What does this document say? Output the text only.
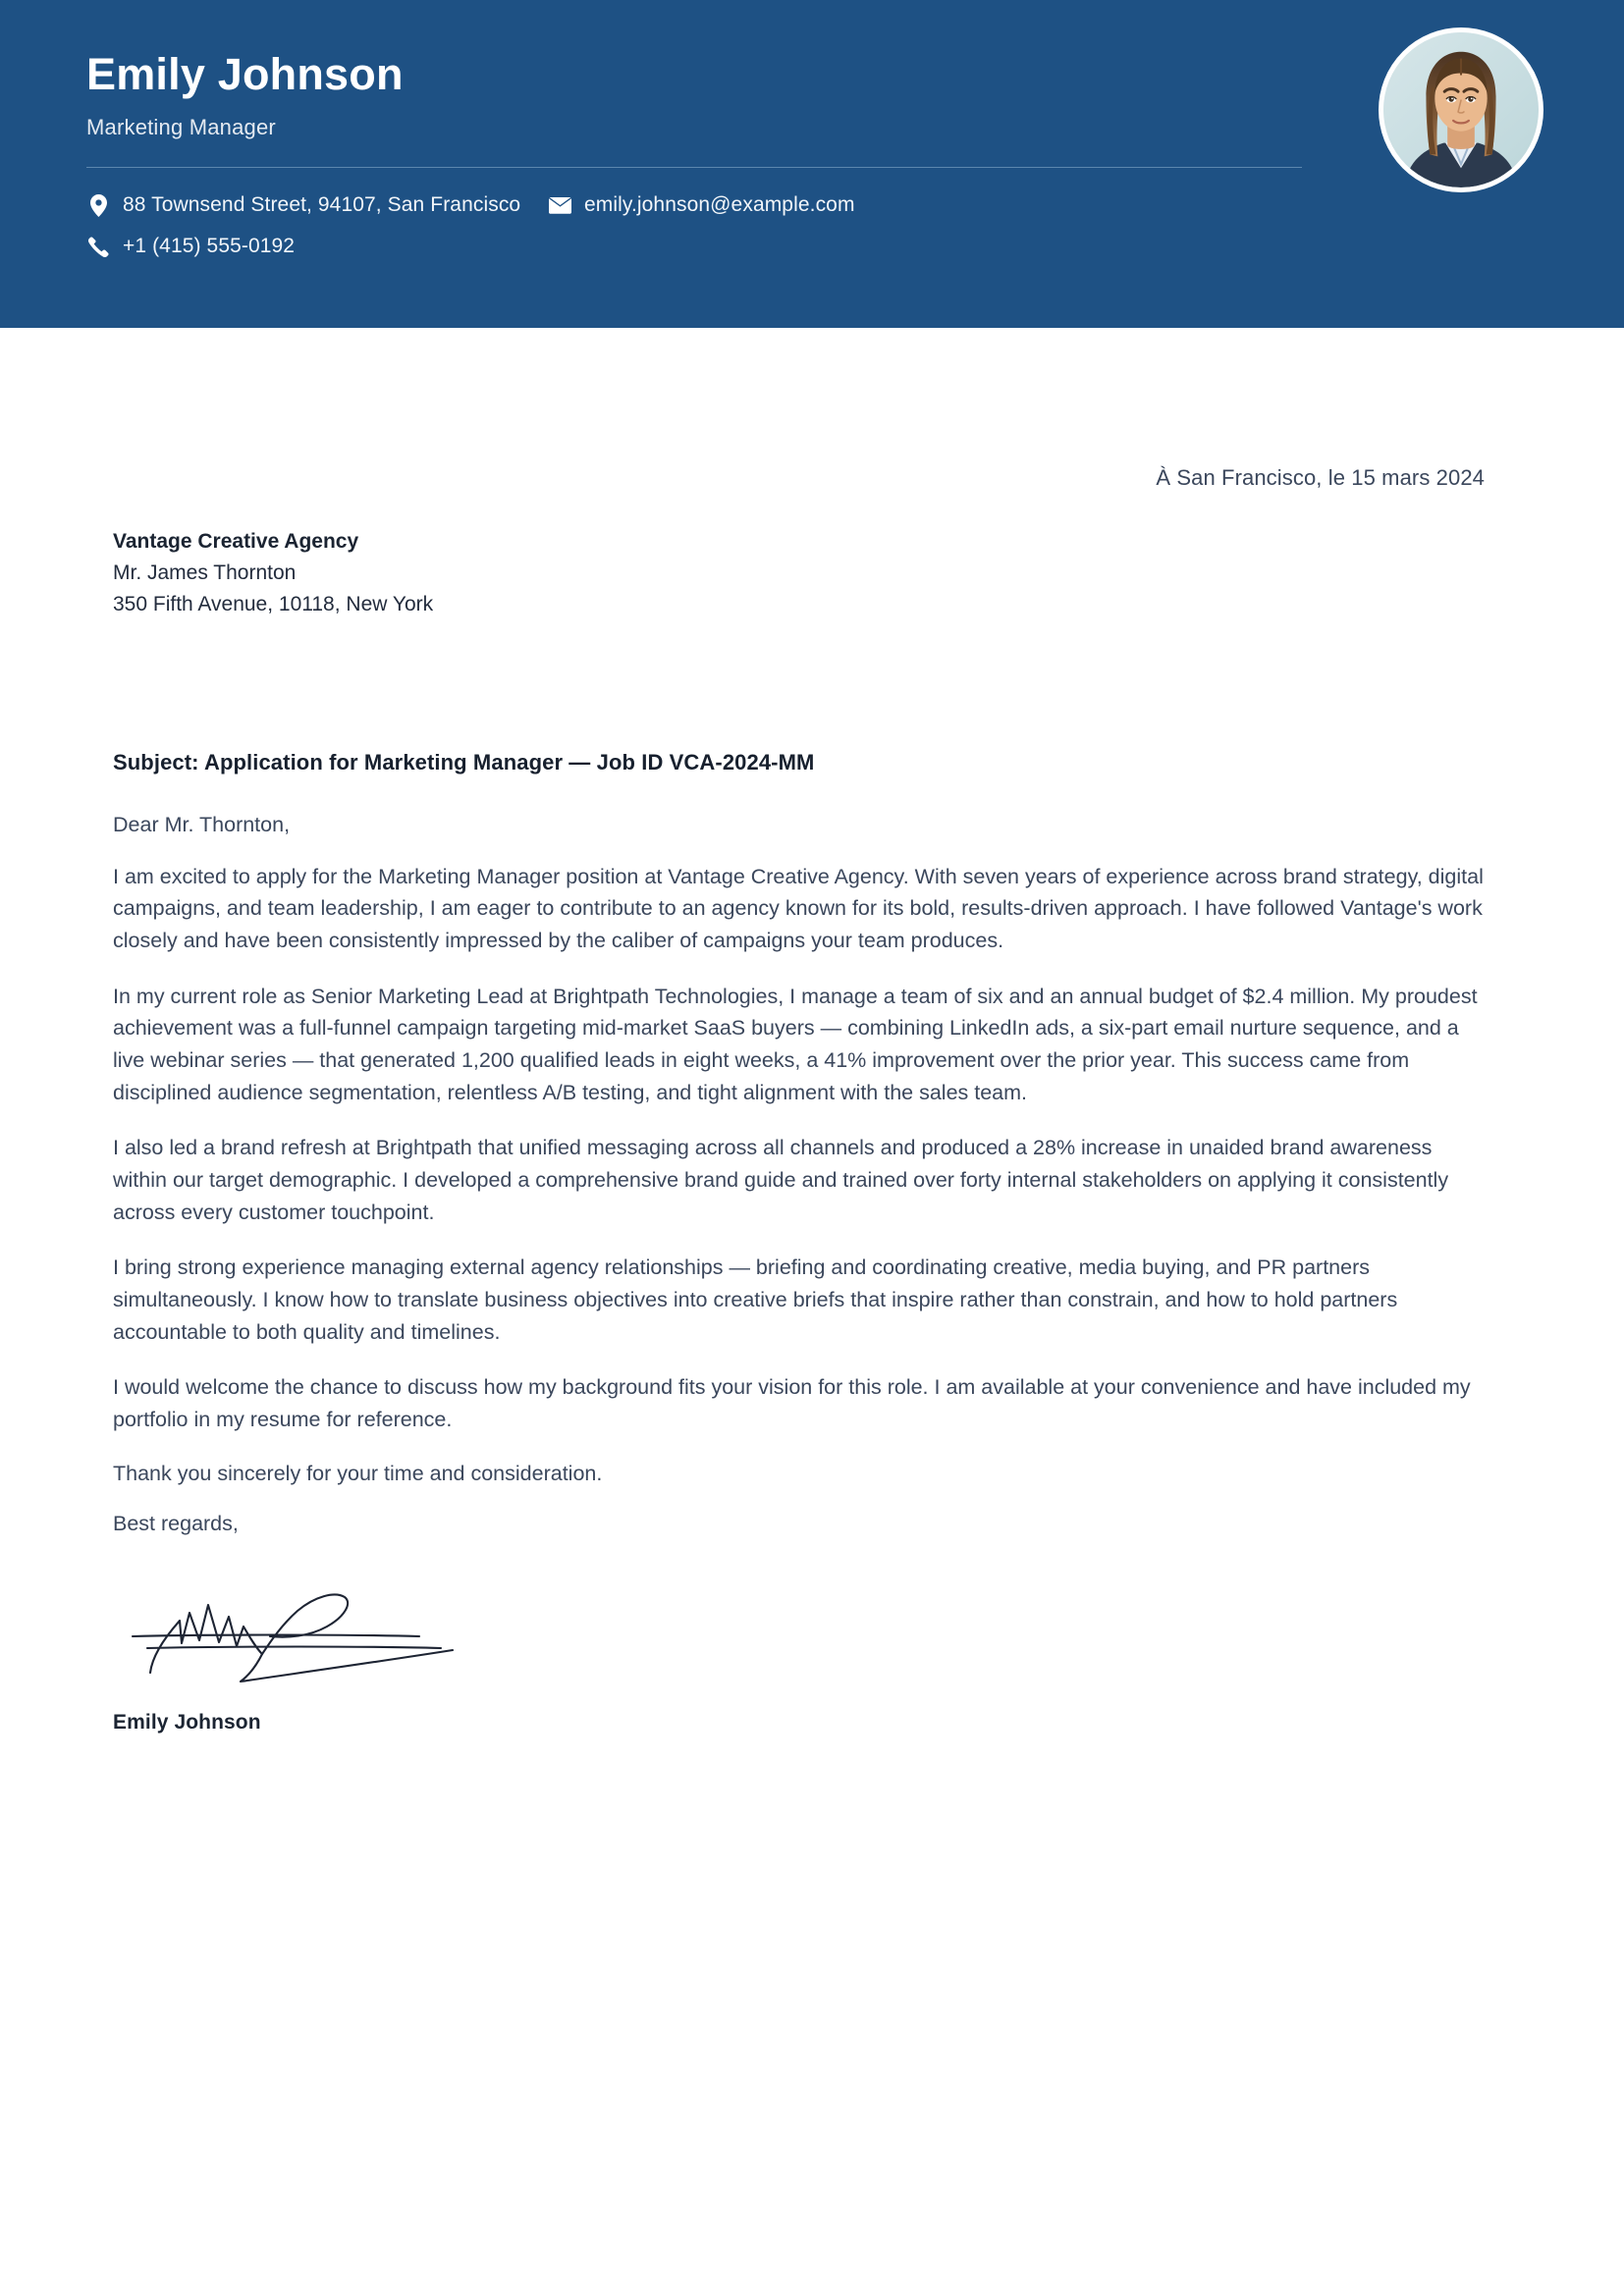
Emily Johnson
Marketing Manager
88 Townsend Street, 94107, San Francisco	emily.johnson@example.com
+1 (415) 555-0192
À San Francisco, le 15 mars 2024
Vantage Creative Agency
Mr. James Thornton
350 Fifth Avenue, 10118, New York
Subject: Application for Marketing Manager — Job ID VCA-2024-MM
Dear Mr. Thornton,
I am excited to apply for the Marketing Manager position at Vantage Creative Agency. With seven years of experience across brand strategy, digital campaigns, and team leadership, I am eager to contribute to an agency known for its bold, results-driven approach. I have followed Vantage's work closely and have been consistently impressed by the caliber of campaigns your team produces.
In my current role as Senior Marketing Lead at Brightpath Technologies, I manage a team of six and an annual budget of $2.4 million. My proudest achievement was a full-funnel campaign targeting mid-market SaaS buyers — combining LinkedIn ads, a six-part email nurture sequence, and a live webinar series — that generated 1,200 qualified leads in eight weeks, a 41% improvement over the prior year. This success came from disciplined audience segmentation, relentless A/B testing, and tight alignment with the sales team.
I also led a brand refresh at Brightpath that unified messaging across all channels and produced a 28% increase in unaided brand awareness within our target demographic. I developed a comprehensive brand guide and trained over forty internal stakeholders on applying it consistently across every customer touchpoint.
I bring strong experience managing external agency relationships — briefing and coordinating creative, media buying, and PR partners simultaneously. I know how to translate business objectives into creative briefs that inspire rather than constrain, and how to hold partners accountable to both quality and timelines.
I would welcome the chance to discuss how my background fits your vision for this role. I am available at your convenience and have included my portfolio in my resume for reference.
Thank you sincerely for your time and consideration.
Best regards,
Emily Johnson
